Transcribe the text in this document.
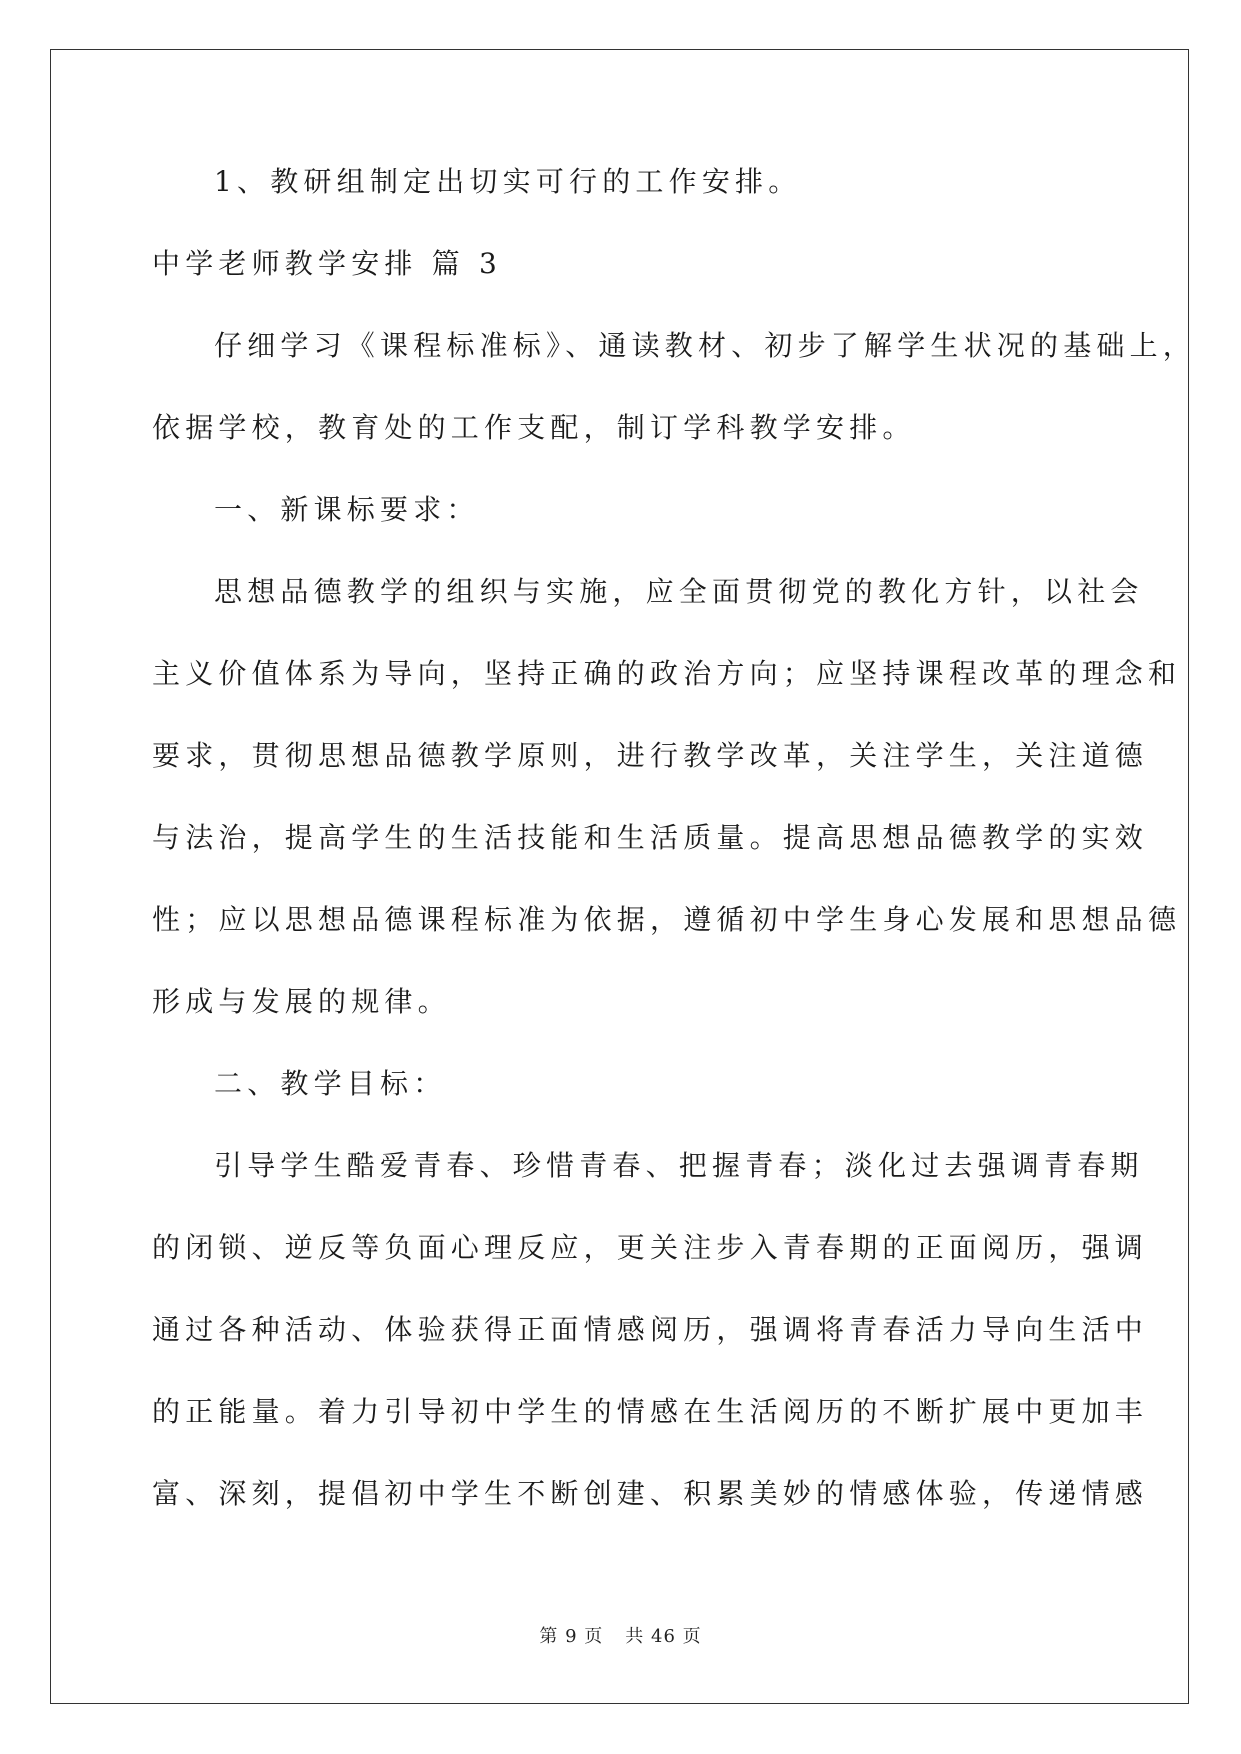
1、教研组制定出切实可行的工作安排。
中学老师教学安排 篇 3
仔细学习《课程标准标》、通读教材、初步了解学生状况的基础上，
依据学校，教育处的工作支配，制订学科教学安排。
一、新课标要求：
思想品德教学的组织与实施，应全面贯彻党的教化方针，以社会
主义价值体系为导向，坚持正确的政治方向；应坚持课程改革的理念和
要求，贯彻思想品德教学原则，进行教学改革，关注学生，关注道德
与法治，提高学生的生活技能和生活质量。提高思想品德教学的实效
性；应以思想品德课程标准为依据，遵循初中学生身心发展和思想品德
形成与发展的规律。
二、教学目标：
引导学生酷爱青春、珍惜青春、把握青春；淡化过去强调青春期
的闭锁、逆反等负面心理反应，更关注步入青春期的正面阅历，强调
通过各种活动、体验获得正面情感阅历，强调将青春活力导向生活中
的正能量。着力引导初中学生的情感在生活阅历的不断扩展中更加丰
富、深刻，提倡初中学生不断创建、积累美妙的情感体验，传递情感
第 9 页 共 46 页
